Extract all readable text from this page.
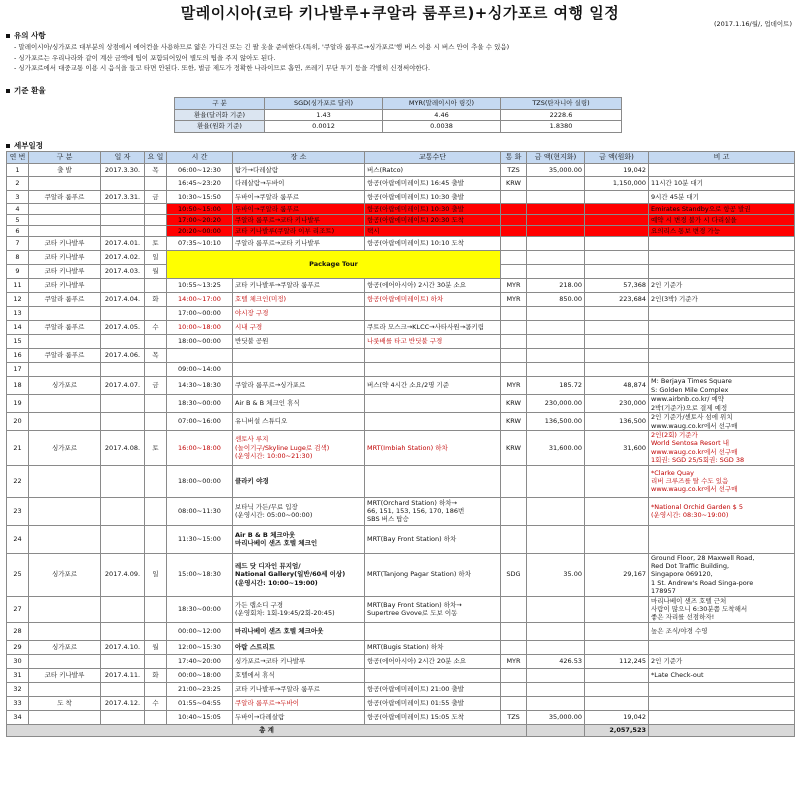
말레이시아(코타 키나발루+쿠알라 룸푸르)+싱가포르 여행 일정
(2017.1.16/월/, 업데이트)
유의 사항
- 말레이시아/싱가포르 대부분의 상점에서 에어컨을 사용하므로 얇은 가디건 또는 긴 팔 옷을 준비한다.(특히, '쿠알라 룸푸르→싱가포르'행 버스 이용 시 버스 안이 추울 수 있음)
- 싱가포르는 우리나라와 같이 계산 금액에 팁이 포함되어있어 별도의 팁을 주지 않아도 된다.
- 싱가포르에서 대중교통 이용 시 음식을 들고 타면 안된다. 또한, 벌금 제도가 정확한 나라이므로 흡연, 쓰레기 무단 투기 등을 각별히 신경써야한다.
기준 환율
구 분	SGD(싱가포르 달러)	MYR(말레이시아 링깃)	TZS(탄자니아 실링)
환율(달러화 기준)	1.43	4.46	2228.6
환율(원화 기준)	0.0012	0.0038	1.8380
세부일정
연 번	구 분	일 자	요 일	시 간	장 소	교통수단	통 화	금 액(현지화)	금 액(원화)	비 고
1	출 발	2017.3.30.	목	06:00~12:30	탐가→다레살람	버스(Ratco)	TZS	35,000.00	19,042	
2				16:45~23:20	다레살람→두바이	항공(아랍에미레이트) 16:45 출발	KRW		1,150,000	11시간 10분 대기
3	쿠알라 룸푸르	2017.3.31.	금	10:30~15:50	두바이→쿠알라 룸푸르	항공(아랍에미레이트) 10:30 출발				9시간 45분 대기
4				10:50~15:00	두바이→쿠알라 룸푸르	항공(아랍에미레이트) 10:30 출발				Emirates Standby으로 항공 발권
5				17:00~20:20	쿠알라 룸푸르→코타 키나발루	항공(아랍에미레이트) 20:30 도착				예약 시 변경 불가 시 다리실을
6				20:20~00:00	코타 키나발루(쿠알라 이부 리조트)	택시				요의리스 통보 변경 가능
7	코타 키나발루	2017.4.01.	토	07:35~10:10	쿠알라 룸푸르→코타 키나발루	항공(아랍에미레이트) 10:10 도착				
8	코타 키나발루	2017.4.02.	일	Package Tour						
9	코타 키나발루	2017.4.03.	월							
11	코타 키나발루			10:55~13:25	코타 키나발루→쿠알라 룸푸르	항공(에어아시아) 2시간 30분 소요	MYR	218.00	57,368	2인 기준가
12	쿠알라 룸푸르	2017.4.04.	화	14:00~17:00	호텔 체크인(미정)	항공(아랍에미레이트) 하차	MYR	850.00	223,684	2인(3박) 기준가
13				17:00~00:00	야시장 구경					
14	쿠알라 룸푸르	2017.4.05.	수	10:00~18:00	시내 구경	쿠트라 모스크→KLCC→사타사원→콤키림				
15				18:00~00:00	반딧불 공원	나룻배를 타고 반딧불 구경				
16	쿠알라 룸푸르	2017.4.06.	목							
17				09:00~14:00						
18	싱가포르	2017.4.07.	금	14:30~18:30	쿠알라 룸푸르→싱가포르	버스(약 4시간 소요/2명 기준	MYR	185.72	48,874	M: Berjaya Times Square
S: Golden Mile Complex
19				18:30~00:00	Air B & B 체크인 휴식		KRW	230,000.00	230,000	www.airbnb.co.kr/ 예약
2박(기준가)으로 결제 예정
20				07:00~16:00	유니버설 스튜디오		KRW	136,500.00	136,500	2인 기준가/센토사 섬에 위치
www.waug.co.kr에서 선구매
21	싱가포르	2017.4.08.	토	16:00~18:00	센토사 루지
(놀이기구/Skyline Luge로 검색)
(운영시간: 10:00~21:30)	MRT(Imbiah Station) 하차	KRW	31,600.00	31,600	2인(2회) 기준가
World Sentosa Resort 내
www.waug.co.kr에서 선구매
1회권: SGD 25/5회권: SGD 38
22				18:00~00:00	클라키 야경					*Clarke Quay
리버 크루즈를 탈 수도 있음
www.waug.co.kr에서 선구매
23				08:00~11:30	보타닉 가든/무료 입장
(운영시간: 05:00~00:00)	MRT(Orchard Station) 하차→
66, 151, 153, 156, 170, 186번
SBS 버스 탑승				*National Orchid Garden $ 5
(운영시간: 08:30~19:00)
24				11:30~15:00	Air B & B 체크아웃
마리나베이 샌즈 호텔 체크인	MRT(Bay Front Station) 하차				
25	싱가포르	2017.4.09.	일	15:00~18:30	레드 닷 디자인 뮤지엄/
National Gallery(일반/60세 이상)
(운영시간: 10:00~19:00)	MRT(Tanjong Pagar Station) 하차	SDG	35.00	29,167	Ground Floor, 28 Maxwell Road,
Red Dot Traffic Building,
Singapore 069120,
1 St. Andrew's Road Singa-pore
178957
27				18:30~00:00	가든 랩소디 구경
(운영회차: 1회-19:45/2회-20:45)	MRT(Bay Front Station) 하차→
Supertree Gvove로 도보 이동				마리나베이 샌즈 호텔 근처
사람이 많으니 6:30분쯤 도착해서
좋은 자리를 선점하자!
28				00:00~12:00	마리나베이 샌즈 호텔 체크아웃					높은 조식/야경 수영
29	싱가포르	2017.4.10.	월	12:00~15:30	아랍 스트리트	MRT(Bugis Station) 하차				
30				17:40~20:00	싱가포르→코타 키나발루	항공(에어아시아) 2시간 20분 소요	MYR	426.53	112,245	2인 기준가
31	코타 키나발루	2017.4.11.	화	00:00~18:00	호텔에서 휴식					*Late Check-out
32				21:00~23:25	코타 키나발루→쿠알라 룸푸르	항공(아랍에미레이트) 21:00 출발				
33	도 착	2017.4.12.	수	01:55~04:55	쿠알라 룸푸르→두바이	항공(아랍에미레이트) 01:55 출발				
34				10:40~15:05	두바이→다레살람	항공(아랍에미레이트) 15:05 도착	TZS	35,000.00	19,042	
총 계									2,057,523	
